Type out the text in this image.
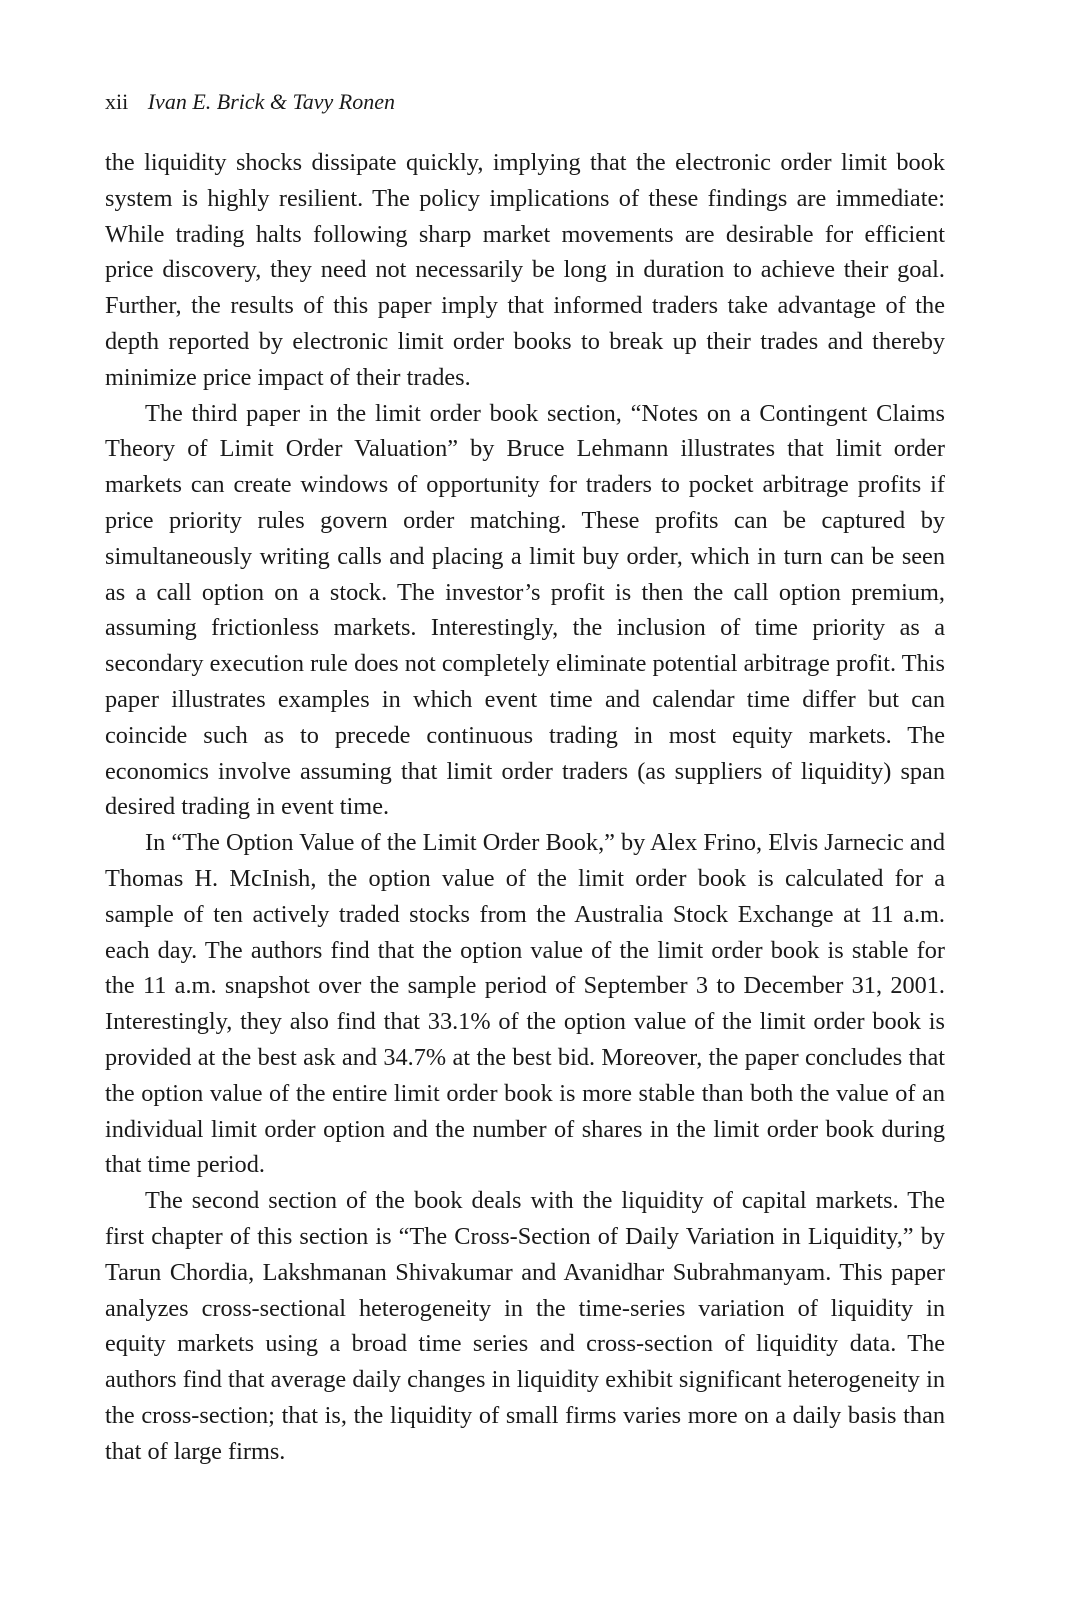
xii Ivan E. Brick & Tavy Ronen

the liquidity shocks dissipate quickly, implying that the electronic order limit book system is highly resilient. The policy implications of these findings are immediate: While trading halts following sharp market movements are desirable for efficient price discovery, they need not necessarily be long in duration to achieve their goal. Further, the results of this paper imply that informed traders take advantage of the depth reported by electronic limit order books to break up their trades and thereby minimize price impact of their trades.

The third paper in the limit order book section, “Notes on a Contingent Claims Theory of Limit Order Valuation” by Bruce Lehmann illustrates that limit order markets can create windows of opportunity for traders to pocket arbitrage profits if price priority rules govern order matching. These profits can be captured by simultaneously writing calls and placing a limit buy order, which in turn can be seen as a call option on a stock. The investor’s profit is then the call option premium, assuming frictionless markets. Interestingly, the inclusion of time priority as a secondary execution rule does not completely eliminate potential arbitrage profit. This paper illustrates examples in which event time and calendar time differ but can coincide such as to precede continuous trading in most equity markets. The economics involve assuming that limit order traders (as suppliers of liquidity) span desired trading in event time.

In “The Option Value of the Limit Order Book,” by Alex Frino, Elvis Jarnecic and Thomas H. McInish, the option value of the limit order book is calculated for a sample of ten actively traded stocks from the Australia Stock Exchange at 11 a.m. each day. The authors find that the option value of the limit order book is stable for the 11 a.m. snapshot over the sample period of September 3 to December 31, 2001. Interestingly, they also find that 33.1% of the option value of the limit order book is provided at the best ask and 34.7% at the best bid. Moreover, the paper concludes that the option value of the entire limit order book is more stable than both the value of an individual limit order option and the number of shares in the limit order book during that time period.

The second section of the book deals with the liquidity of capital markets. The first chapter of this section is “The Cross-Section of Daily Variation in Liquidity,” by Tarun Chordia, Lakshmanan Shivakumar and Avanidhar Subrahmanyam. This paper analyzes cross-sectional heterogeneity in the time-series variation of liquidity in equity markets using a broad time series and cross-section of liquidity data. The authors find that average daily changes in liquidity exhibit significant heterogeneity in the cross-section; that is, the liquidity of small firms varies more on a daily basis than that of large firms.
